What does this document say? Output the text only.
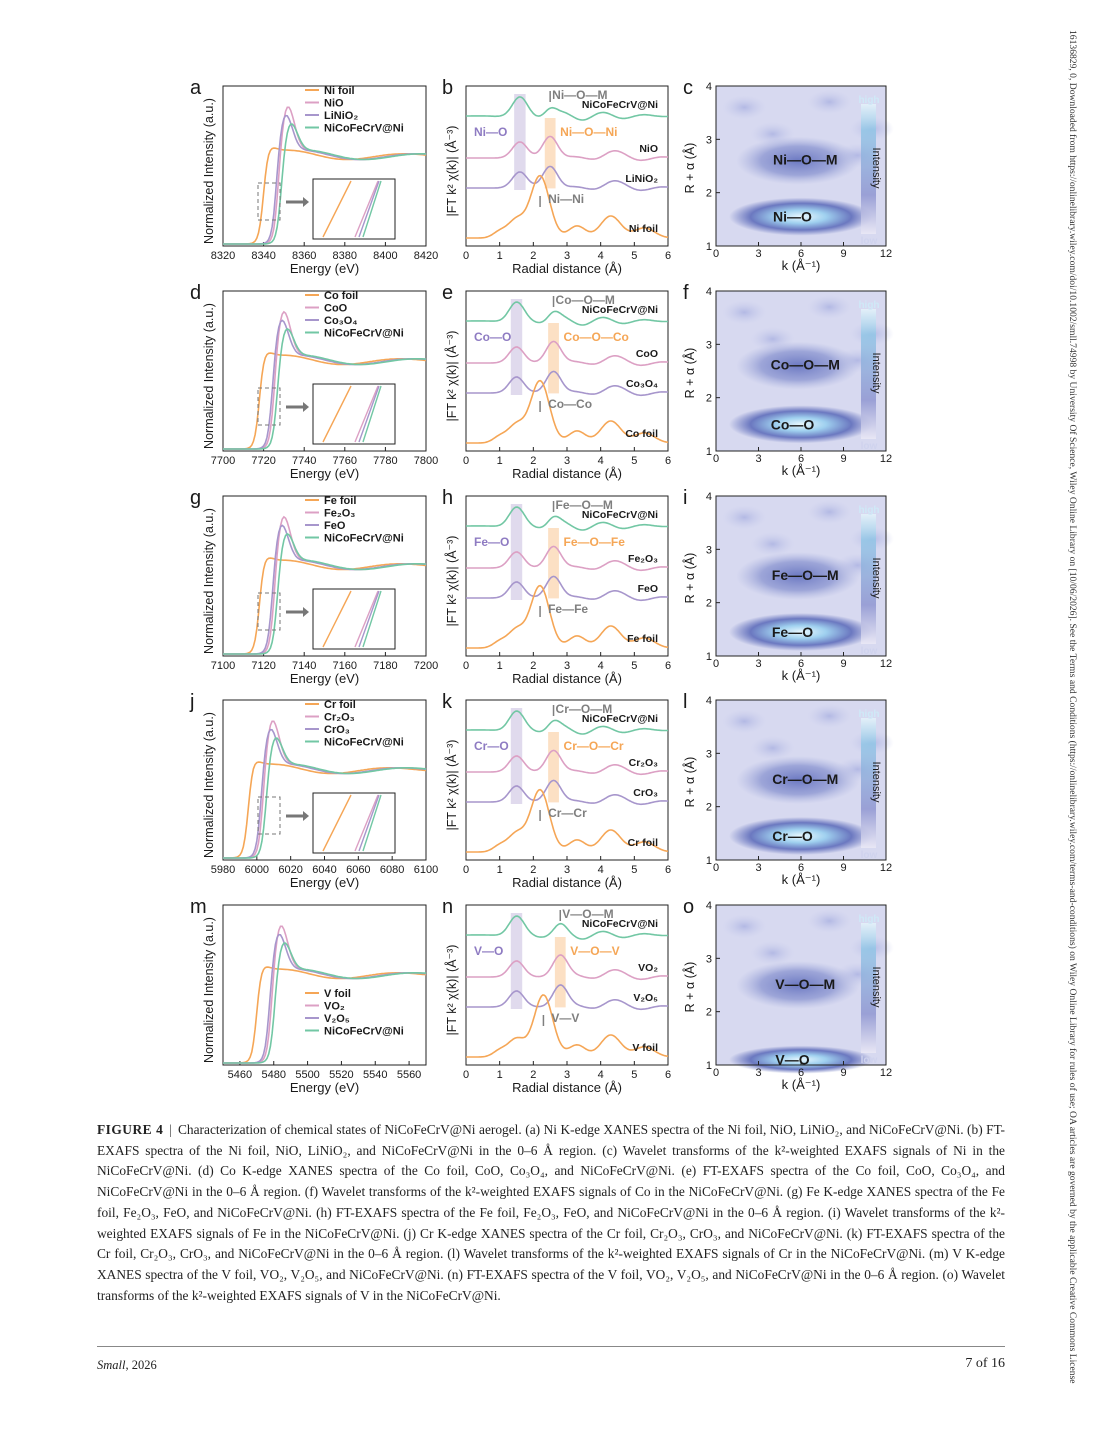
a
8320 8340 8360 8380 8400 8420
Energy (eV)
Normalized Intensity (a.u.)
Ni foil
NiO
LiNiO₂
NiCoFeCrV@Ni
b
0	1	2	3	4	5	6
Radial distance (Å)
|FT k² χ(k)| (Å⁻³)
NiCoFeCrV@Ni
NiO
LiNiO₂
Ni foil
Ni—O—M
Ni—O	Ni—O—Ni
Ni—Ni
c
high
low
Intensity
0	3	6	9	12
1
2
3
4
k (Å⁻¹)
R + α (Å)	Ni—O—M
Ni—O
d
7700 7720 7740 7760 7780 7800
Energy (eV)
Normalized Intensity (a.u.)
Co foil
CoO
Co₃O₄
NiCoFeCrV@Ni
e
0	1	2	3	4	5	6
Radial distance (Å)
|FT k² χ(k)| (Å⁻³)
NiCoFeCrV@Ni
CoO
Co₃O₄
Co foil
Co—O—M
Co—O	Co—O—Co
Co—Co
f
high
low
Intensity
0	3	6	9	12
1
2
3
4
k (Å⁻¹)
R + α (Å)	Co—O—M
Co—O
g
7100 7120 7140 7160 7180 7200
Energy (eV)
Normalized Intensity (a.u.)
Fe foil
Fe₂O₃
FeO
NiCoFeCrV@Ni
h
0	1	2	3	4	5	6
Radial distance (Å)
|FT k² χ(k)| (Å⁻³)
NiCoFeCrV@Ni
Fe₂O₃
FeO
Fe foil
Fe—O—M
Fe—O	Fe—O—Fe
Fe—Fe
i
high
low
Intensity
0	3	6	9	12
1
2
3
4
k (Å⁻¹)
R + α (Å)	Fe—O—M
Fe—O
j
5980 6000 6020 6040 6060 6080 6100
Energy (eV)
Normalized Intensity (a.u.)
Cr foil
Cr₂O₃
CrO₃
NiCoFeCrV@Ni
k
0	1	2	3	4	5	6
Radial distance (Å)
|FT k² χ(k)| (Å⁻³)
NiCoFeCrV@Ni
Cr₂O₃
CrO₃
Cr foil
Cr—O—M
Cr—O	Cr—O—Cr
Cr—Cr
l
high
low
Intensity
0	3	6	9	12
1
2
3
4
k (Å⁻¹)
R + α (Å)	Cr—O—M
Cr—O
m
5460 5480 5500 5520 5540 5560
Energy (eV)
Normalized Intensity (a.u.)	V foil
VO₂
V₂O₅
NiCoFeCrV@Ni
n
0	1	2	3	4	5	6
Radial distance (Å)
|FT k² χ(k)| (Å⁻³)
NiCoFeCrV@Ni
VO₂
V₂O₅
V foil
V—O—M
V—O	V—O—V
V—V
o
high
low
Intensity
0	3	6	9	12
1
2
3
4
k (Å⁻¹)
R + α (Å)	V—O—M
V—O
FIGURE 4 | Characterization of chemical states of NiCoFeCrV@Ni aerogel. (a) Ni K-edge XANES spectra of the Ni foil, NiO, LiNiO₂, and NiCoFeCrV@Ni. (b) FT-EXAFS spectra of the Ni foil, NiO, LiNiO₂, and NiCoFeCrV@Ni in the 0–6 Å region. (c) Wavelet transforms of the k²-weighted EXAFS signals of Ni in the NiCoFeCrV@Ni. (d) Co K-edge XANES spectra of the Co foil, CoO, Co₃O₄, and NiCoFeCrV@Ni. (e) FT-EXAFS spectra of the Co foil, CoO, Co₃O₄, and NiCoFeCrV@Ni in the 0–6 Å region. (f) Wavelet transforms of the k²-weighted EXAFS signals of Co in the NiCoFeCrV@Ni. (g) Fe K-edge XANES spectra of the Fe foil, Fe₂O₃, FeO, and NiCoFeCrV@Ni. (h) FT-EXAFS spectra of the Fe foil, Fe₂O₃, FeO, and NiCoFeCrV@Ni in the 0–6 Å region. (i) Wavelet transforms of the k²-weighted EXAFS signals of Fe in the NiCoFeCrV@Ni. (j) Cr K-edge XANES spectra of the Cr foil, Cr₂O₃, CrO₃, and NiCoFeCrV@Ni. (k) FT-EXAFS spectra of the Cr foil, Cr₂O₃, CrO₃, and NiCoFeCrV@Ni in the 0–6 Å region. (l) Wavelet transforms of the k²-weighted EXAFS signals of Cr in the NiCoFeCrV@Ni. (m) V K-edge XANES spectra of the V foil, VO₂, V₂O₅, and NiCoFeCrV@Ni. (n) FT-EXAFS spectra of the V foil, VO₂, V₂O₅, and NiCoFeCrV@Ni in the 0–6 Å region. (o) Wavelet transforms of the k²-weighted EXAFS signals of V in the NiCoFeCrV@Ni.
Small, 2026	7 of 16	16136829, 0, Downloaded from https://onlinelibrary.wiley.com/doi/10.1002/smll.74998 by University Of Science, Wiley Online Library on [10/06/2026]. See the Terms and Conditions (https://onlinelibrary.wiley.com/terms-and-conditions) on Wiley Online Library for rules of use; OA articles are governed by the applicable Creative Commons License
